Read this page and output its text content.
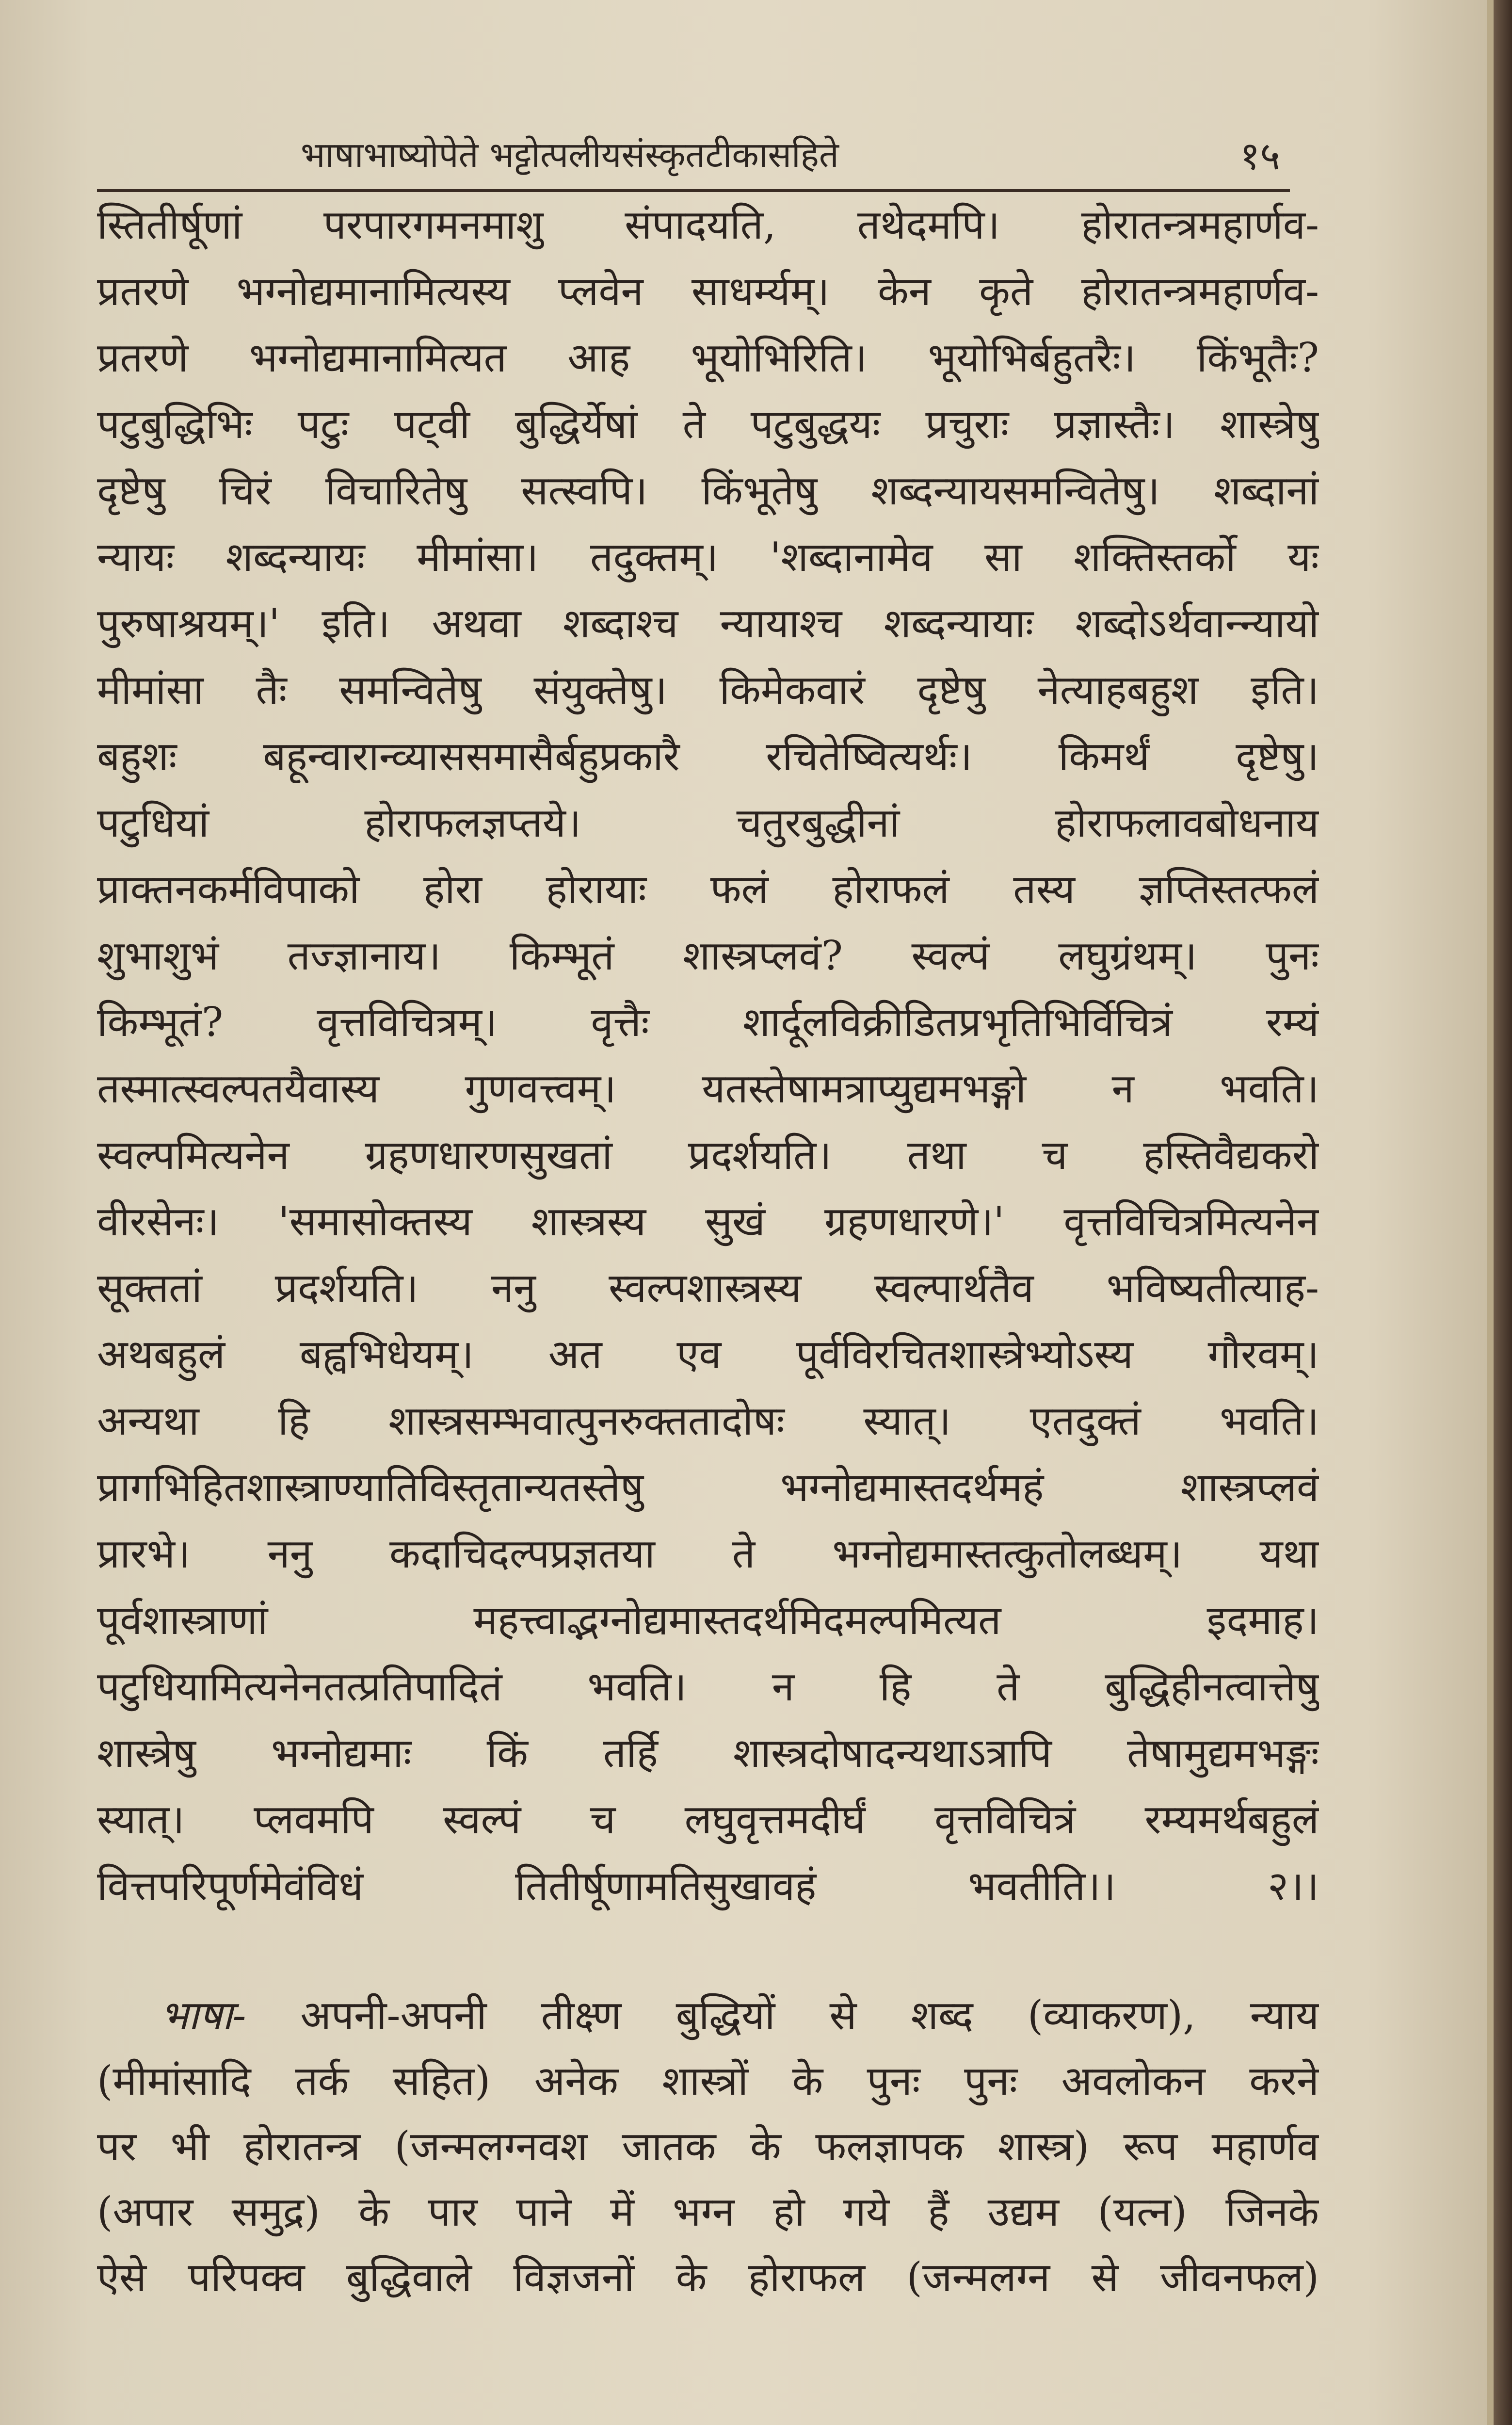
भाषाभाष्योपेते भट्टोत्पलीयसंस्कृतटीकासहिते	१५
स्तितीर्षूणां परपारगमनमाशु संपादयति, तथेदमपि। होरातन्त्रमहार्णव-
प्रतरणे भग्नोद्यमानामित्यस्य प्लवेन साधर्म्यम्। केन कृते होरातन्त्रमहार्णव-
प्रतरणे भग्नोद्यमानामित्यत आह भूयोभिरिति। भूयोभिर्बहुतरैः। किंभूतैः?
पटुबुद्धिभिः पटुः पट्वी बुद्धिर्येषां ते पटुबुद्धयः प्रचुराः प्रज्ञास्तैः। शास्त्रेषु
दृष्टेषु चिरं विचारितेषु सत्स्वपि। किंभूतेषु शब्दन्यायसमन्वितेषु। शब्दानां
न्यायः शब्दन्यायः मीमांसा। तदुक्तम्। 'शब्दानामेव सा शक्तिस्तर्को यः
पुरुषाश्रयम्।' इति। अथवा शब्दाश्च न्यायाश्च शब्दन्यायाः शब्दोऽर्थवान्न्यायो
मीमांसा तैः समन्वितेषु संयुक्तेषु। किमेकवारं दृष्टेषु नेत्याहबहुश इति।
बहुशः बहून्वारान्व्याससमासैर्बहुप्रकारै रचितेष्वित्यर्थः। किमर्थं दृष्टेषु।
पटुधियां होराफलज्ञप्तये। चतुरबुद्धीनां होराफलावबोधनाय
प्राक्तनकर्मविपाको होरा होरायाः फलं होराफलं तस्य ज्ञप्तिस्तत्फलं
शुभाशुभं तज्ज्ञानाय। किम्भूतं शास्त्रप्लवं? स्वल्पं लघुग्रंथम्। पुनः
किम्भूतं? वृत्तविचित्रम्। वृत्तैः शार्दूलविक्रीडितप्रभृतिभिर्विचित्रं रम्यं
तस्मात्स्वल्पतयैवास्य गुणवत्त्वम्। यतस्तेषामत्राप्युद्यमभङ्गो न भवति।
स्वल्पमित्यनेन ग्रहणधारणसुखतां प्रदर्शयति। तथा च हस्तिवैद्यकरो
वीरसेनः। 'समासोक्तस्य शास्त्रस्य सुखं ग्रहणधारणे।' वृत्तविचित्रमित्यनेन
सूक्ततां प्रदर्शयति। ननु स्वल्पशास्त्रस्य स्वल्पार्थतैव भविष्यतीत्याह-
अथबहुलं बह्वभिधेयम्। अत एव पूर्वविरचितशास्त्रेभ्योऽस्य गौरवम्।
अन्यथा हि शास्त्रसम्भवात्पुनरुक्ततादोषः स्यात्। एतदुक्तं भवति।
प्रागभिहितशास्त्राण्यातिविस्तृतान्यतस्तेषु भग्नोद्यमास्तदर्थमहं शास्त्रप्लवं
प्रारभे। ननु कदाचिदल्पप्रज्ञतया ते भग्नोद्यमास्तत्कुतोलब्धम्। यथा
पूर्वशास्त्राणां महत्त्वाद्भग्नोद्यमास्तदर्थमिदमल्पमित्यत इदमाह।
पटुधियामित्यनेनतत्प्रतिपादितं भवति। न हि ते बुद्धिहीनत्वात्तेषु
शास्त्रेषु भग्नोद्यमाः किं तर्हि शास्त्रदोषादन्यथाऽत्रापि तेषामुद्यमभङ्गः
स्यात्। प्लवमपि स्वल्पं च लघुवृत्तमदीर्घं वृत्तविचित्रं रम्यमर्थबहुलं
वित्तपरिपूर्णमेवंविधं तितीर्षूणामतिसुखावहं भवतीति।। २।।
भाषा- अपनी-अपनी तीक्ष्ण बुद्धियों से शब्द (व्याकरण), न्याय
(मीमांसादि तर्क सहित) अनेक शास्त्रों के पुनः पुनः अवलोकन करने
पर भी होरातन्त्र (जन्मलग्नवश जातक के फलज्ञापक शास्त्र) रूप महार्णव
(अपार समुद्र) के पार पाने में भग्न हो गये हैं उद्यम (यत्न) जिनके
ऐसे परिपक्व बुद्धिवाले विज्ञजनों के होराफल (जन्मलग्न से जीवनफल)
